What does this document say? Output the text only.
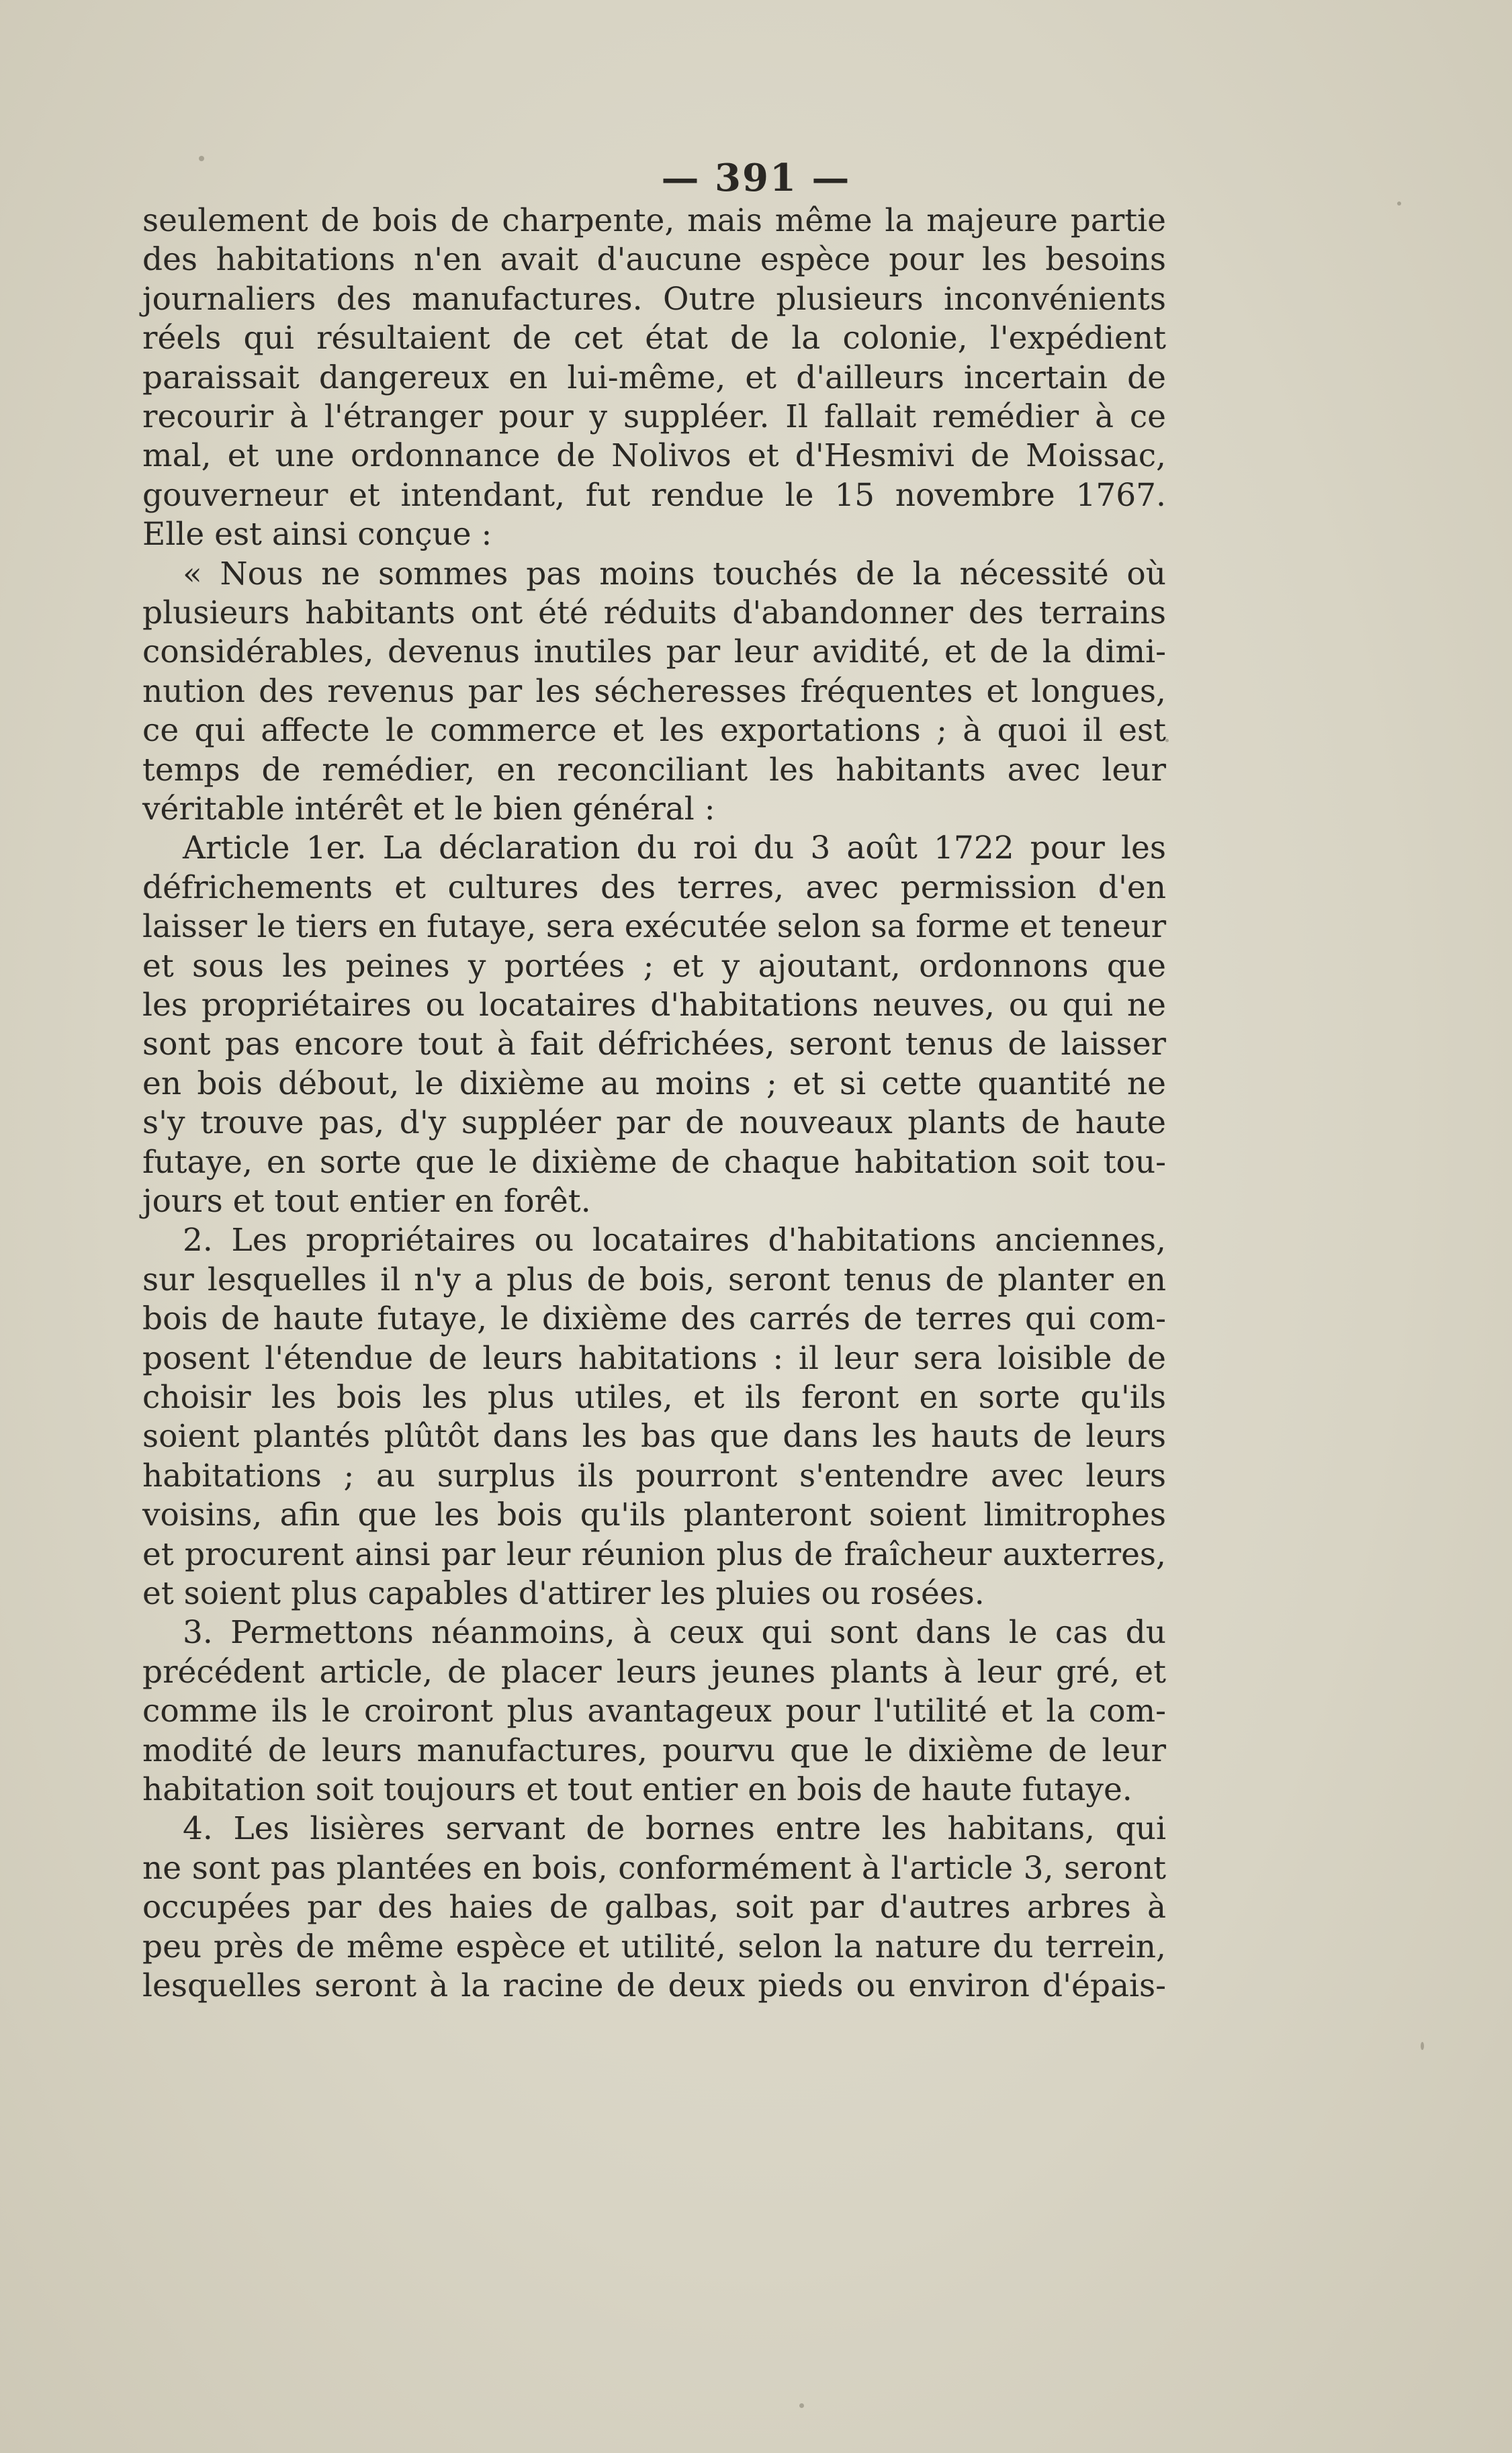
— 391 —
seulement de bois de charpente, mais même la majeure partie
des habitations n'en avait d'aucune espèce pour les besoins
journaliers des manufactures. Outre plusieurs inconvénients
réels qui résultaient de cet état de la colonie, l'expédient
paraissait dangereux en lui-même, et d'ailleurs incertain de
recourir à l'étranger pour y suppléer. Il fallait remédier à ce
mal, et une ordonnance de Nolivos et d'Hesmivi de Moissac,
gouverneur et intendant, fut rendue le 15 novembre 1767.
Elle est ainsi conçue :
« Nous ne sommes pas moins touchés de la nécessité où
plusieurs habitants ont été réduits d'abandonner des terrains
considérables, devenus inutiles par leur avidité, et de la dimi-
nution des revenus par les sécheresses fréquentes et longues,
ce qui affecte le commerce et les exportations ; à quoi il est
temps de remédier, en reconciliant les habitants avec leur
véritable intérêt et le bien général :
Article 1er. La déclaration du roi du 3 août 1722 pour les
défrichements et cultures des terres, avec permission d'en
laisser le tiers en futaye, sera exécutée selon sa forme et teneur
et sous les peines y portées ; et y ajoutant, ordonnons que
les propriétaires ou locataires d'habitations neuves, ou qui ne
sont pas encore tout à fait défrichées, seront tenus de laisser
en bois débout, le dixième au moins ; et si cette quantité ne
s'y trouve pas, d'y suppléer par de nouveaux plants de haute
futaye, en sorte que le dixième de chaque habitation soit tou-
jours et tout entier en forêt.
2. Les propriétaires ou locataires d'habitations anciennes,
sur lesquelles il n'y a plus de bois, seront tenus de planter en
bois de haute futaye, le dixième des carrés de terres qui com-
posent l'étendue de leurs habitations : il leur sera loisible de
choisir les bois les plus utiles, et ils feront en sorte qu'ils
soient plantés plûtôt dans les bas que dans les hauts de leurs
habitations ; au surplus ils pourront s'entendre avec leurs
voisins, afin que les bois qu'ils planteront soient limitrophes
et procurent ainsi par leur réunion plus de fraîcheur auxterres,
et soient plus capables d'attirer les pluies ou rosées.
3. Permettons néanmoins, à ceux qui sont dans le cas du
précédent article, de placer leurs jeunes plants à leur gré, et
comme ils le croiront plus avantageux pour l'utilité et la com-
modité de leurs manufactures, pourvu que le dixième de leur
habitation soit toujours et tout entier en bois de haute futaye.
4. Les lisières servant de bornes entre les habitans, qui
ne sont pas plantées en bois, conformément à l'article 3, seront
occupées par des haies de galbas, soit par d'autres arbres à
peu près de même espèce et utilité, selon la nature du terrein,
lesquelles seront à la racine de deux pieds ou environ d'épais-
